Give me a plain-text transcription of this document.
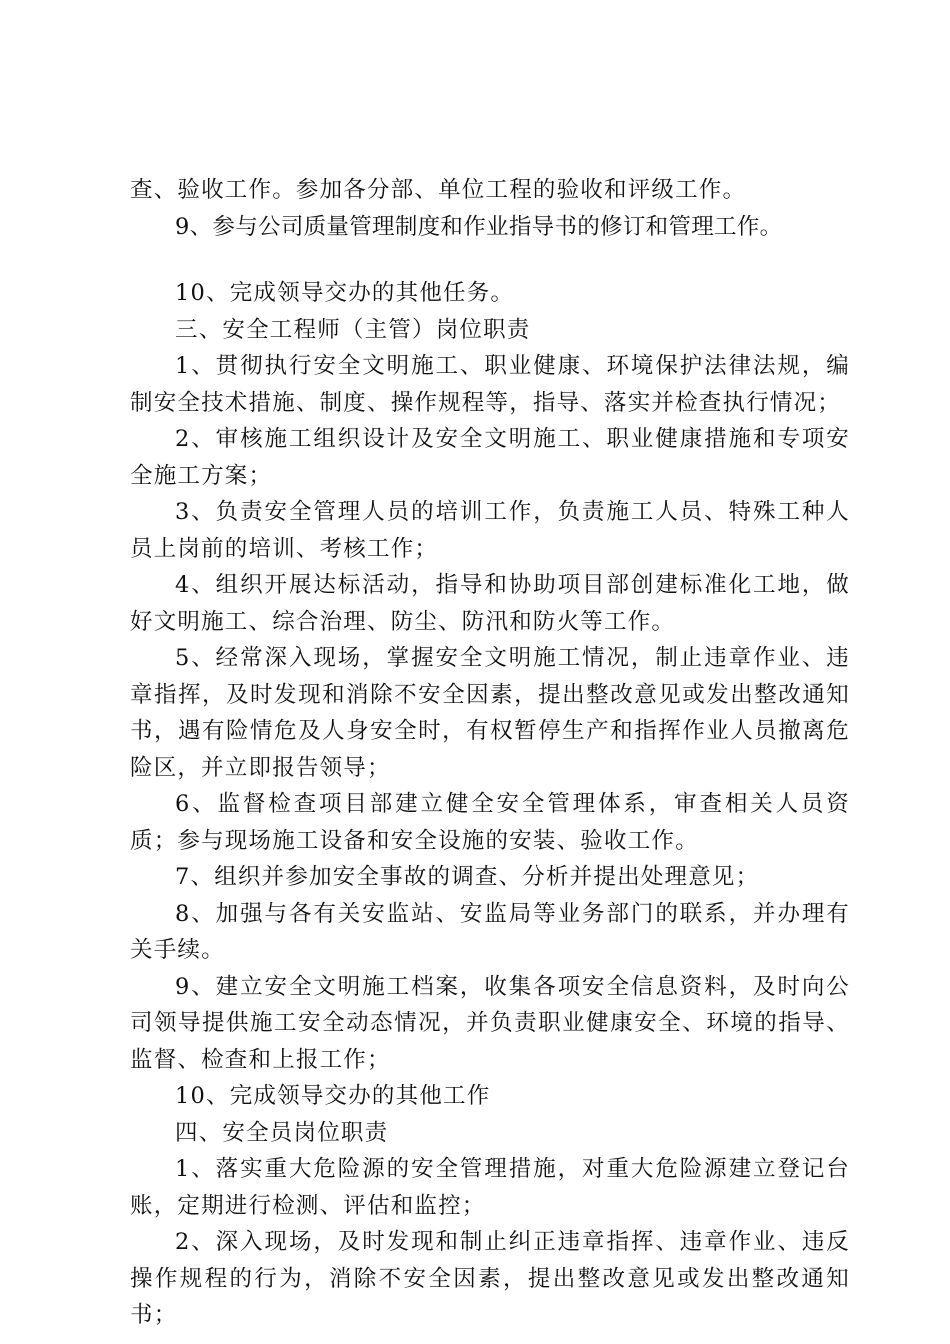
查、验收工作。参加各分部、单位工程的验收和评级工作。

9、参与公司质量管理制度和作业指导书的修订和管理工作。

10、完成领导交办的其他任务。

三、安全工程师（主管）岗位职责

1、贯彻执行安全文明施工、职业健康、环境保护法律法规，编制安全技术措施、制度、操作规程等，指导、落实并检查执行情况；

2、审核施工组织设计及安全文明施工、职业健康措施和专项安全施工方案；

3、负责安全管理人员的培训工作，负责施工人员、特殊工种人员上岗前的培训、考核工作；

4、组织开展达标活动，指导和协助项目部创建标准化工地，做好文明施工、综合治理、防尘、防汛和防火等工作。

5、经常深入现场，掌握安全文明施工情况，制止违章作业、违章指挥，及时发现和消除不安全因素，提出整改意见或发出整改通知书，遇有险情危及人身安全时，有权暂停生产和指挥作业人员撤离危险区，并立即报告领导；

6、监督检查项目部建立健全安全管理体系，审查相关人员资质；参与现场施工设备和安全设施的安装、验收工作。

7、组织并参加安全事故的调查、分析并提出处理意见；

8、加强与各有关安监站、安监局等业务部门的联系，并办理有关手续。

9、建立安全文明施工档案，收集各项安全信息资料，及时向公司领导提供施工安全动态情况，并负责职业健康安全、环境的指导、监督、检查和上报工作；

10、完成领导交办的其他工作

四、安全员岗位职责

1、落实重大危险源的安全管理措施，对重大危险源建立登记台账，定期进行检测、评估和监控；

2、深入现场，及时发现和制止纠正违章指挥、违章作业、违反操作规程的行为，消除不安全因素，提出整改意见或发出整改通知书；
